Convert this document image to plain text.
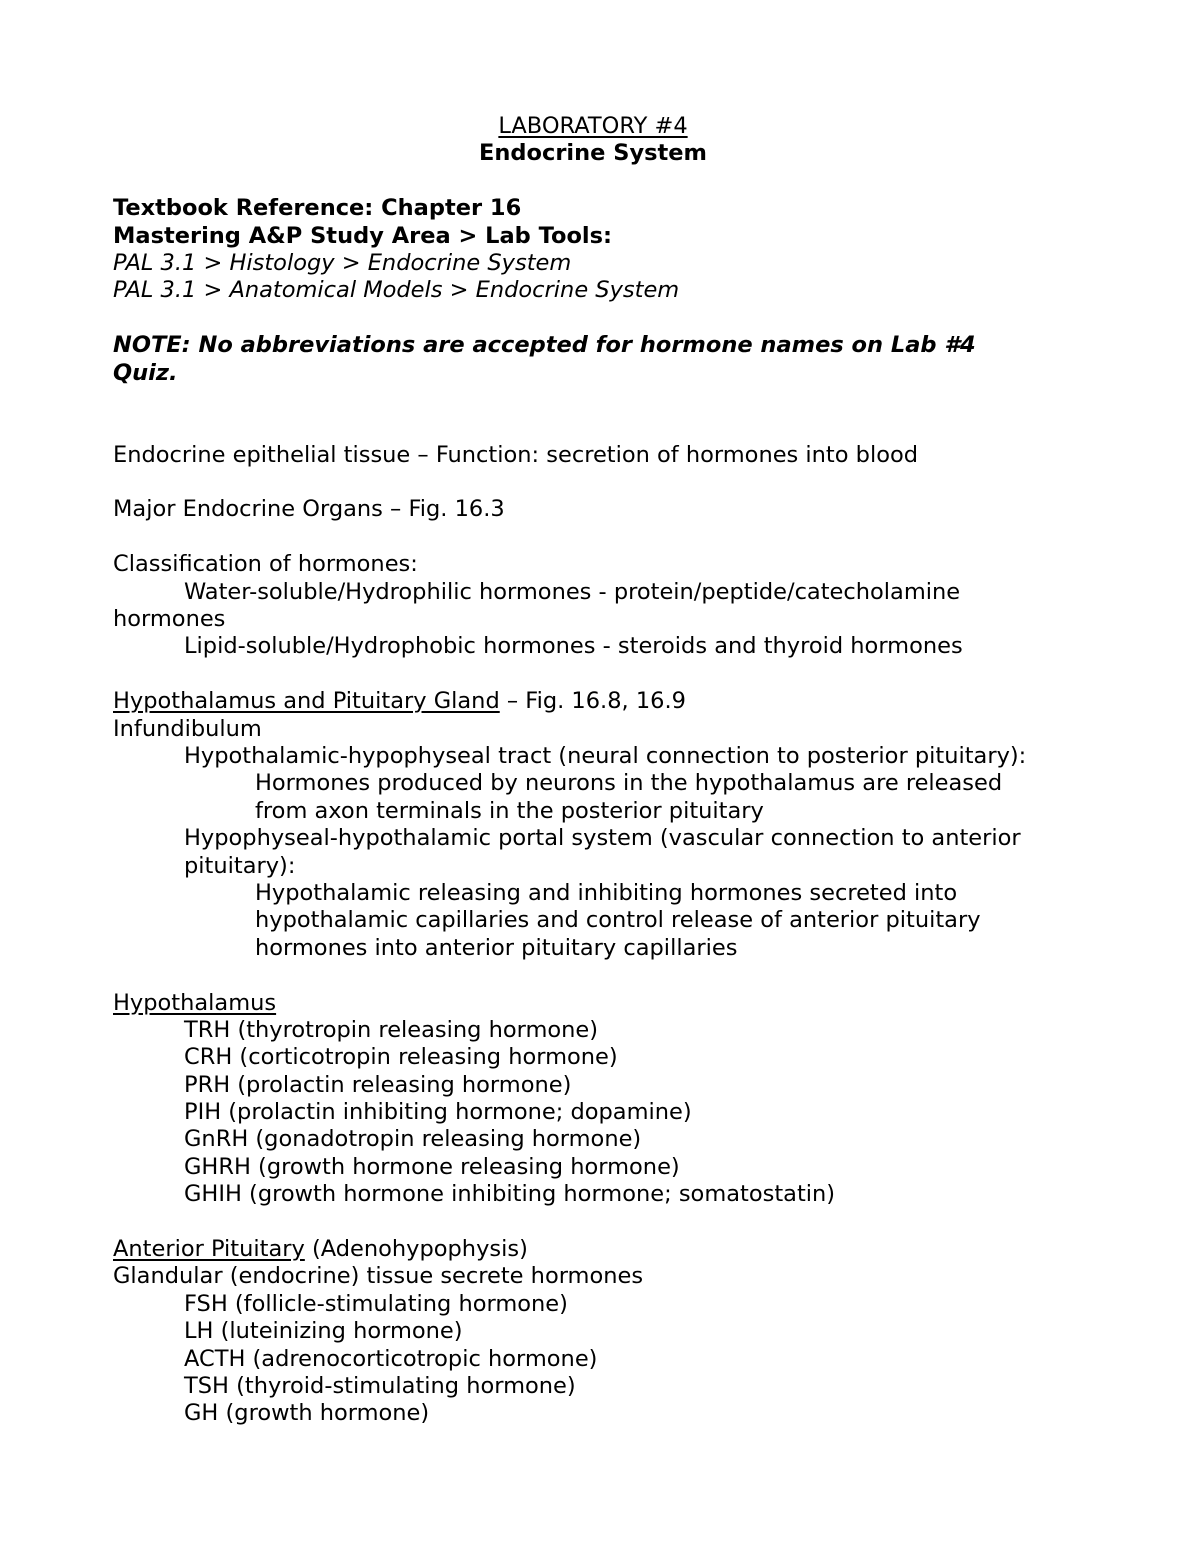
LABORATORY #4
Endocrine System
Textbook Reference: Chapter 16
Mastering A&P Study Area > Lab Tools:
PAL 3.1 > Histology > Endocrine System
PAL 3.1 > Anatomical Models > Endocrine System
NOTE: No abbreviations are accepted for hormone names on Lab #4
Quiz.
Endocrine epithelial tissue – Function: secretion of hormones into blood
Major Endocrine Organs – Fig. 16.3
Classification of hormones:
Water-soluble/Hydrophilic hormones - protein/peptide/catecholamine
hormones
Lipid-soluble/Hydrophobic hormones - steroids and thyroid hormones
Hypothalamus and Pituitary Gland – Fig. 16.8, 16.9
Infundibulum
Hypothalamic-hypophyseal tract (neural connection to posterior pituitary):
Hormones produced by neurons in the hypothalamus are released
from axon terminals in the posterior pituitary
Hypophyseal-hypothalamic portal system (vascular connection to anterior
pituitary):
Hypothalamic releasing and inhibiting hormones secreted into
hypothalamic capillaries and control release of anterior pituitary
hormones into anterior pituitary capillaries
Hypothalamus
TRH (thyrotropin releasing hormone)
CRH (corticotropin releasing hormone)
PRH (prolactin releasing hormone)
PIH (prolactin inhibiting hormone; dopamine)
GnRH (gonadotropin releasing hormone)
GHRH (growth hormone releasing hormone)
GHIH (growth hormone inhibiting hormone; somatostatin)
Anterior Pituitary (Adenohypophysis)
Glandular (endocrine) tissue secrete hormones
FSH (follicle-stimulating hormone)
LH (luteinizing hormone)
ACTH (adrenocorticotropic hormone)
TSH (thyroid-stimulating hormone)
GH (growth hormone)
